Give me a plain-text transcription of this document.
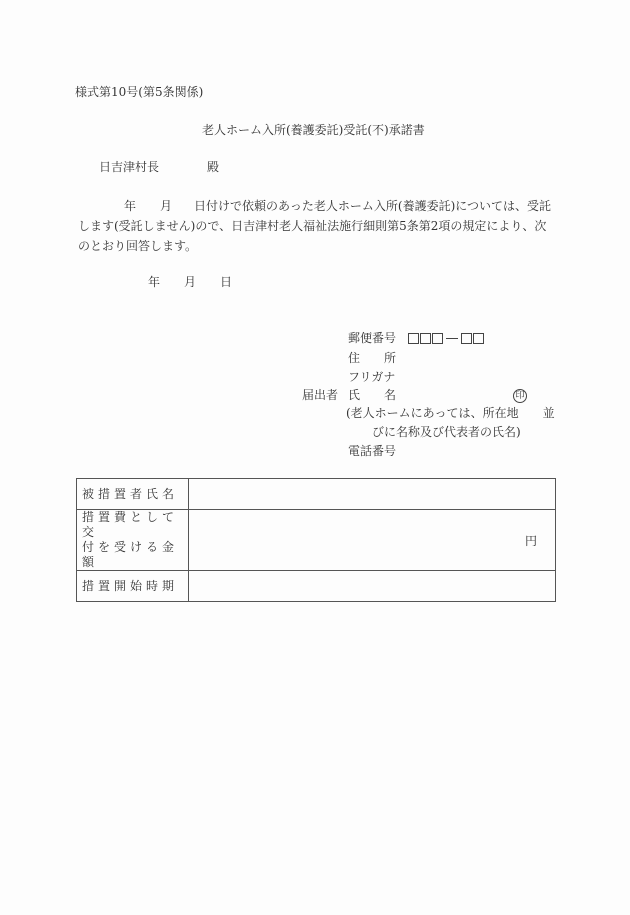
様式第10号(第5条関係)
老人ホーム入所(養護委託)受託(不)承諾書
日吉津村長	殿
年 月 日付けで依頼のあった老人ホーム入所(養護委託)については、受託
します(受託しません)ので、日吉津村老人福祉法施行細則第5条第2項の規定により、次
のとおり回答します。
年 月 日
郵便番号
住　　所
フリガナ
届出者 氏　　名	印
(老人ホームにあっては、所在地　　並
びに名称及び代表者の氏名)
電話番号
被措置者氏名	

措置費として交
付を受ける金額	円
措置開始時期	
